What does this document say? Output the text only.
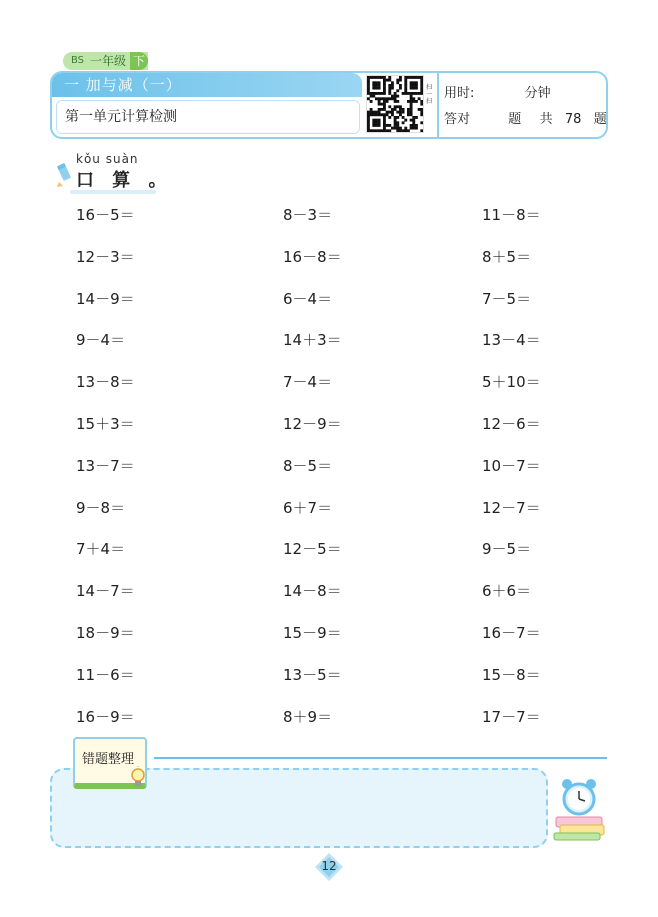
BS 一年级 下
一 加与减（一）
第一单元计算检测
扫一扫
用时:	分钟
答对	题 共 78 题
kǒu suàn
口 算 。
16－5＝	8－3＝	11－8＝
12－3＝	16－8＝	8＋5＝
14－9＝	6－4＝	7－5＝
9－4＝	14＋3＝	13－4＝
13－8＝	7－4＝	5＋10＝
15＋3＝	12－9＝	12－6＝
13－7＝	8－5＝	10－7＝
9－8＝	6＋7＝	12－7＝
7＋4＝	12－5＝	9－5＝
14－7＝	14－8＝	6＋6＝
18－9＝	15－9＝	16－7＝
11－6＝	13－5＝	15－8＝
16－9＝	8＋9＝	17－7＝
错题整理
12
